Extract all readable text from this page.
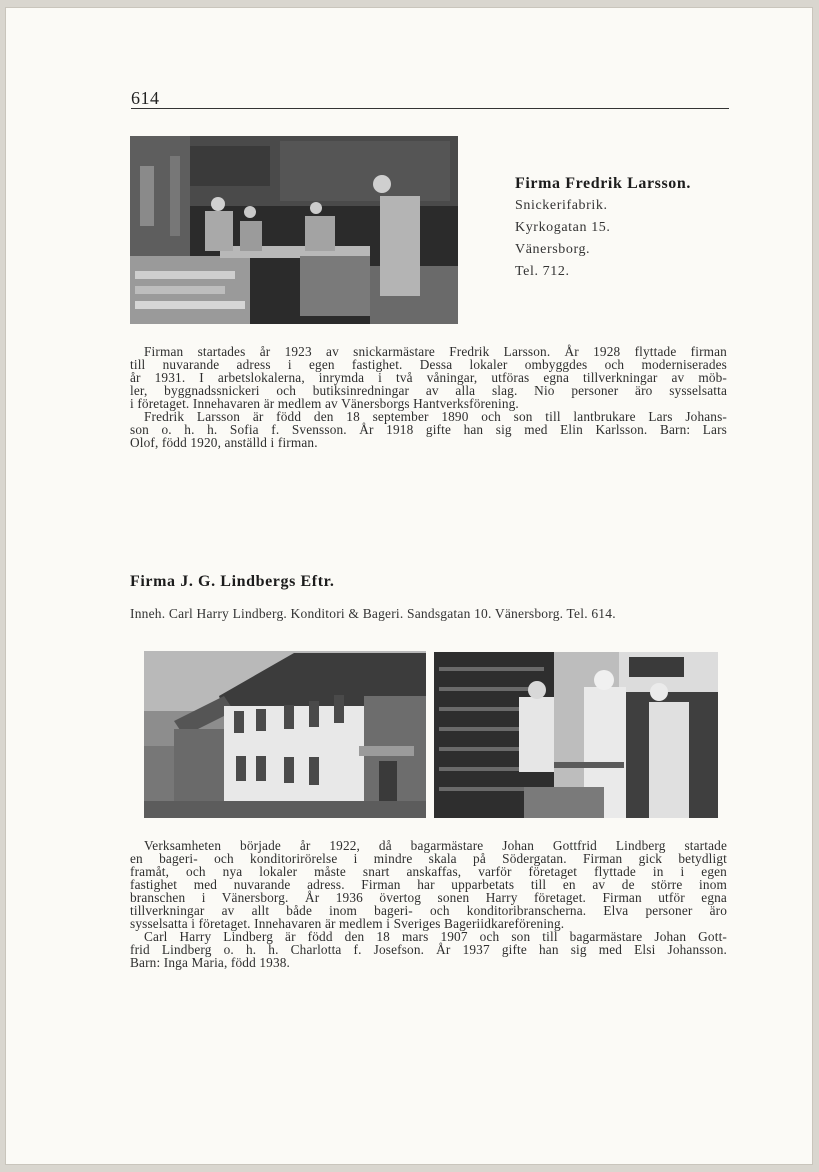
614
Firma Fredrik Larsson.
Snickerifabrik.
Kyrkogatan 15.
Vänersborg.
Tel. 712.
Firman startades år 1923 av snickarmästare Fredrik Larsson. År 1928 flyttade firman
till nuvarande adress i egen fastighet. Dessa lokaler ombyggdes och moderniserades
år 1931. I arbetslokalerna, inrymda i två våningar, utföras egna tillverkningar av möb-
ler, byggnadssnickeri och butiksinredningar av alla slag. Nio personer äro sysselsatta
i företaget. Innehavaren är medlem av Vänersborgs Hantverksförening.
Fredrik Larsson är född den 18 september 1890 och son till lantbrukare Lars Johans-
son o. h. h. Sofia f. Svensson. År 1918 gifte han sig med Elin Karlsson. Barn: Lars
Olof, född 1920, anställd i firman.
Firma J. G. Lindbergs Eftr.
Inneh. Carl Harry Lindberg. Konditori & Bageri. Sandsgatan 10. Vänersborg. Tel. 614.
Verksamheten började år 1922, då bagarmästare Johan Gottfrid Lindberg startade
en bageri- och konditorirörelse i mindre skala på Södergatan. Firman gick betydligt
framåt, och nya lokaler måste snart anskaffas, varför företaget flyttade in i egen
fastighet med nuvarande adress. Firman har upparbetats till en av de större inom
branschen i Vänersborg. År 1936 övertog sonen Harry företaget. Firman utför egna
tillverkningar av allt både inom bageri- och konditoribranscherna. Elva personer äro
sysselsatta i företaget. Innehavaren är medlem i Sveriges Bageriidkareförening.
Carl Harry Lindberg är född den 18 mars 1907 och son till bagarmästare Johan Gott-
frid Lindberg o. h. h. Charlotta f. Josefson. År 1937 gifte han sig med Elsi Johansson.
Barn: Inga Maria, född 1938.
